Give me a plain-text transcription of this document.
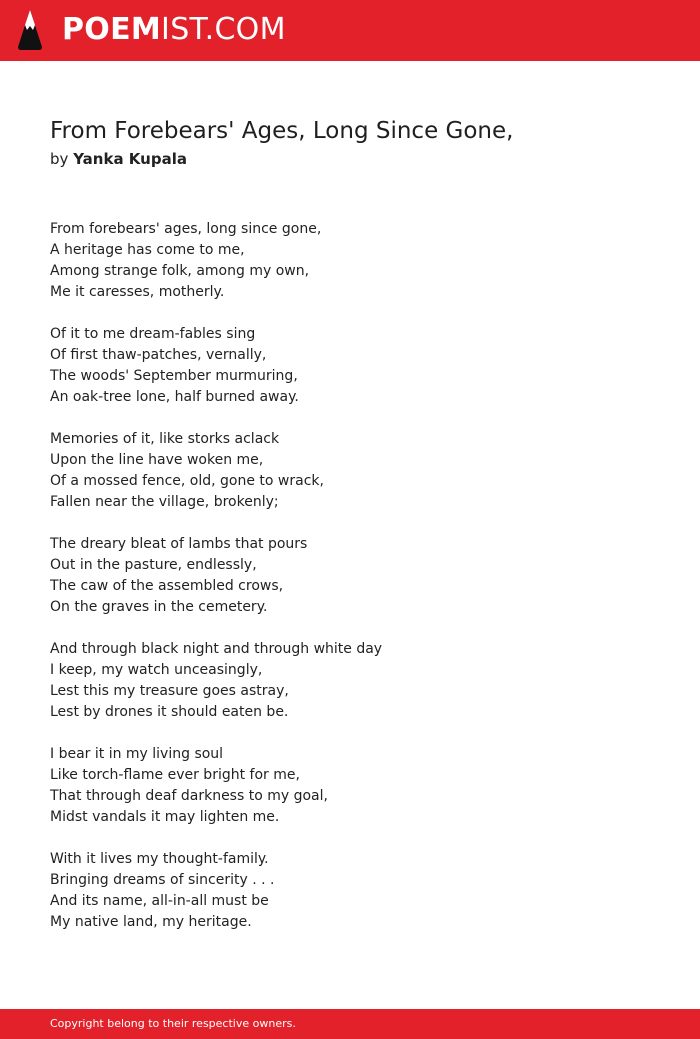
POEMIST.COM
From Forebears' Ages, Long Since Gone,
by Yanka Kupala
From forebears' ages, long since gone,
A heritage has come to me,
Among strange folk, among my own,
Me it caresses, motherly.
Of it to me dream-fables sing
Of first thaw-patches, vernally,
The woods' September murmuring,
An oak-tree lone, half burned away.
Memories of it, like storks aclack
Upon the line have woken me,
Of a mossed fence, old, gone to wrack,
Fallen near the village, brokenly;
The dreary bleat of lambs that pours
Out in the pasture, endlessly,
The caw of the assembled crows,
On the graves in the cemetery.
And through black night and through white day
I keep, my watch unceasingly,
Lest this my treasure goes astray,
Lest by drones it should eaten be.
I bear it in my living soul
Like torch-flame ever bright for me,
That through deaf darkness to my goal,
Midst vandals it may lighten me.
With it lives my thought-family.
Bringing dreams of sincerity . . .
And its name, all-in-all must be
My native land, my heritage.
Copyright belong to their respective owners.
